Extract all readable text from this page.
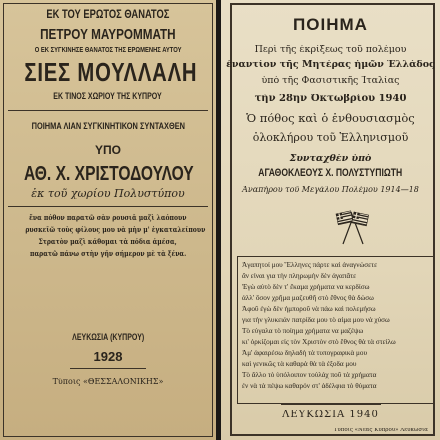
ΕΚ ΤΟΥ ΕΡΩΤΟΣ ΘΑΝΑΤΟΣ
ΠΕΤΡΟΥ ΜΑΥΡΟΜΜΑΤΗ
Ο ΕΚ ΣΥΓΚΙΝΗΣΕ ΘΑΝΑΤΟΣ ΤΗΣ ΕΡΩΜΕΝΗΣ ΑΥΤΟΥ
ΣΙΕΣ ΜΟΥΛΛΑΛΗ
ΕΚ ΤΙΝΟΣ ΧΩΡΙΟΥ ΤΗΣ ΚΥΠΡΟΥ
ΠΟΙΗΜΑ ΛΙΑΝ ΣΥΓΚΙΝΗΤΙΚΟΝ ΣΥΝΤΑΧΘΕΝ
ΥΠΟ
ΑΘ. Χ. ΧΡΙΣΤΟΔΟΥΛΟΥ
ἐκ τοῦ χωρίου Πολυστύπου
ἕνα πόθον παρατῶ σὰν ρουσιᾶ μαζὶ λαόπουν
ρυσκεῖῶ τοὺς φίλους μου νὰ μὴν μ' ἐγκαταλείπουν
Στρατὸν μαζὶ κάθομαι τὰ πόδια ἀμέσα,
παρατῶ πάνω στὴν γῆν σήμερον μὲ τὰ ξένα.
ΛΕΥΚΩΣΙΑ (ΚΥΠΡΟΥ)
1928
Τύποις «ΘΕΣΣΑΛΟΝΙΚΗΣ»
ΠΟΙΗΜΑ
Περὶ τῆς ἐκρίξεως τοῦ πολέμου
ἐναντίον τῆς Μητέρας ἡμῶν Ἑλλάδος
ὑπὸ τῆς Φασιστικῆς Ἰταλίας
τὴν 28ην Ὀκτωβρίου 1940
Ὁ πόθος καὶ ὁ ἐνθουσιασμὸς
ὁλοκλήρου τοῦ Ἑλληνισμοῦ
Συνταχθὲν ὑπὸ
ΑΓΑΘΟΚΛΕΟΥΣ Χ. ΠΟΛΥΣΤΥΠΙΩΤΗ
Ἀναπήρου τοῦ Μεγάλου Πολέμου 1914—18
Ἀγαπητοί μου Ἕλληνες πάρτε καὶ ἀναγνώσετε
ἂν εἶναι για τὴν πληρωμὴν δὲν ἀγαπᾶτε
Ἐγὼ αὐτὸ δὲν τ' ἔκαμα χρήματα να κερδίσω
ἀλλ' ὅσον χρῆμα μαζευθῆ στὸ ἔθνος θὰ δώσω
Ἀφοῦ ἐγὼ δὲν ἠμποροῦ νὰ πάω καὶ πολεμήσω
για τὴν γλυκειάν πατρίδα μου τὸ αἷμα μου νὰ χύσω
Τὸ εὐγαλα τὸ ποίημα χρήματα να μαζέψω
κι' ὁρκίζομαι εἰς τὸν Χριστὸν στὸ ἔθνος θὰ τὰ στείλω
Ἀμ' ἀφαιρέσω δηλαδὴ τὰ τυπογραφικὰ μου
καὶ γενικῶς τὰ καθαρὰ θὰ τὰ ἐξοδα μου
Τὸ ἄλλο τὸ ὑπόλοιπον τοὐλάχ ποῦ τὰ χρήματα
ἐν νὰ τὰ πέψω καθαρόν στ' ἀδέλφια τὸ θύματα
ΛΕΥΚΩΣΙΑ 1940
Τύποις «Νέας Κύπρου» Λευκωσία
